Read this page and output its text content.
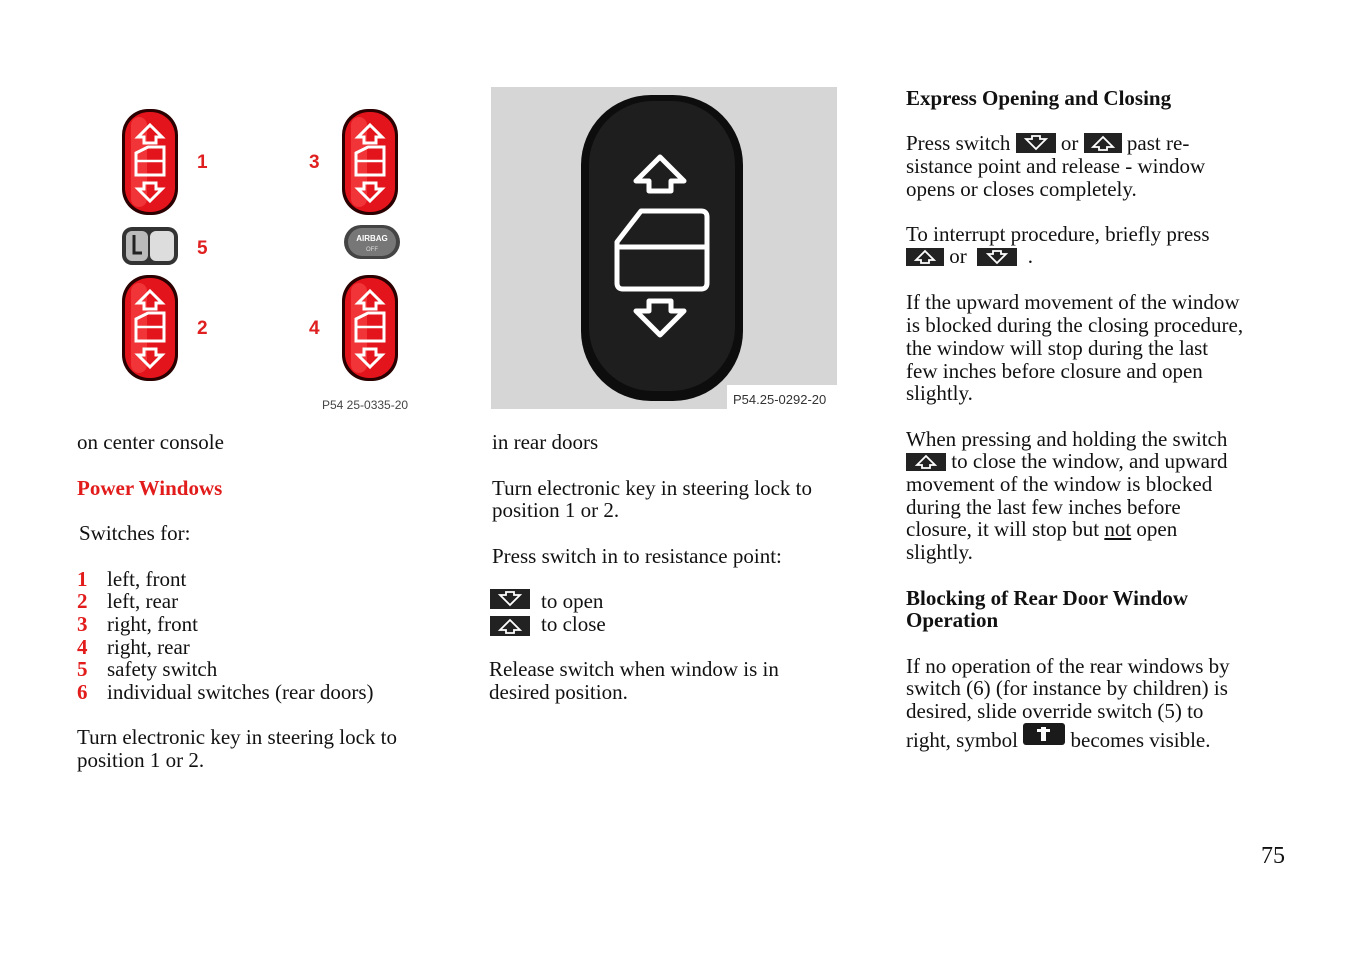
AIRBAG
OFF
1	3
5
2	4
P54 25-0335-20	P54.25-0292-20
on center console
Power Windows
Switches for:
1 left, front
2 left, rear
3 right, front
4 right, rear
5 safety switch
6 individual switches (rear doors)
Turn electronic key in steering lock to
position 1 or 2.
in rear doors
Turn electronic key in steering lock to
position 1 or 2.
Press switch in to resistance point:
to open
to close
Release switch when window is in
desired position.
Express Opening and Closing
Press switch or past re-
sistance point and release - window
opens or closes completely.
To interrupt procedure, briefly press
or	.
If the upward movement of the window
is blocked during the closing procedure,
the window will stop during the last
few inches before closure and open
slightly.
When pressing and holding the switch
to close the window, and upward
movement of the window is blocked
during the last few inches before
closure, it will stop but not open
slightly.
Blocking of Rear Door Window
Operation
If no operation of the rear windows by
switch (6) (for instance by children) is
desired, slide override switch (5) to
right, symbol	becomes visible.
75
